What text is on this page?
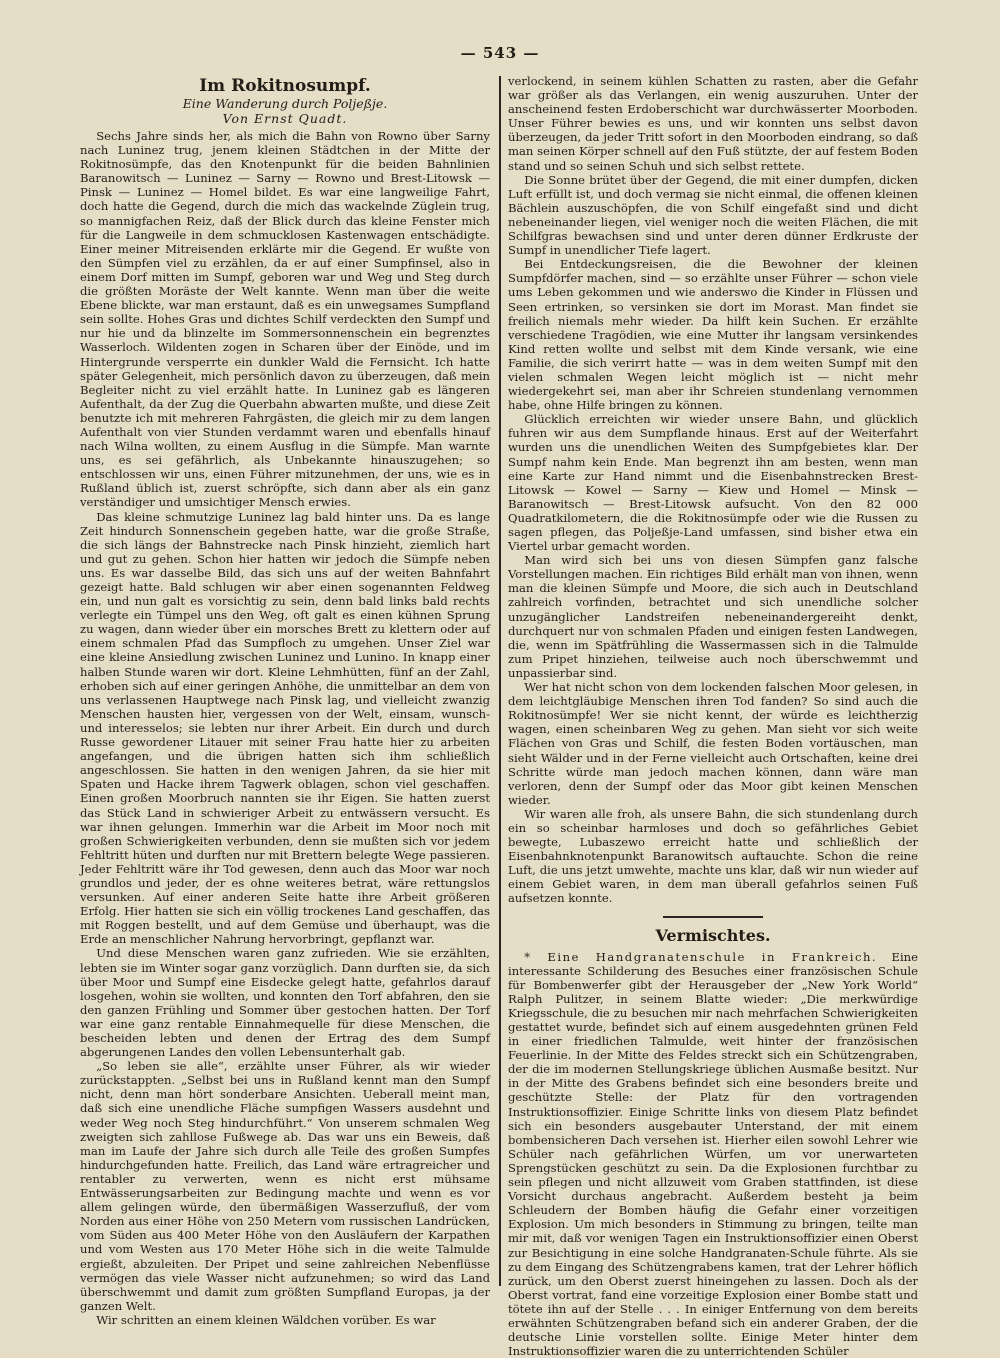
— 543 —
Im Rokitnosumpf.
Eine Wanderung durch Poljeßje.
Von Ernst Quadt.

Sechs Jahre sinds her, als mich die Bahn von Rowno über Sarny nach Luninez trug, jenem kleinen Städtchen in der Mitte der Rokitnosümpfe, das den Knotenpunkt für die beiden Bahnlinien Baranowitsch — Luninez — Sarny — Rowno und Brest-Litowsk — Pinsk — Luninez — Homel bildet. Es war eine langweilige Fahrt, doch hatte die Gegend, durch die mich das wackelnde Züglein trug, so mannigfachen Reiz, daß der Blick durch das kleine Fenster mich für die Langweile in dem schmucklosen Kastenwagen entschädigte. Einer meiner Mitreisenden erklärte mir die Gegend. Er wußte von den Sümpfen viel zu erzählen, da er auf einer Sumpfinsel, also in einem Dorf mitten im Sumpf, geboren war und Weg und Steg durch die größten Moräste der Welt kannte. Wenn man über die weite Ebene blickte, war man erstaunt, daß es ein unwegsames Sumpfland sein sollte. Hohes Gras und dichtes Schilf verdeckten den Sumpf und nur hie und da blinzelte im Sommersonnenschein ein begrenztes Wasserloch. Wildenten zogen in Scharen über der Einöde, und im Hintergrunde versperrte ein dunkler Wald die Fernsicht. Ich hatte später Gelegenheit, mich persönlich davon zu überzeugen, daß mein Begleiter nicht zu viel erzählt hatte. In Luninez gab es längeren Aufenthalt, da der Zug die Querbahn abwarten mußte, und diese Zeit benutzte ich mit mehreren Fahrgästen, die gleich mir zu dem langen Aufenthalt von vier Stunden verdammt waren und ebenfalls hinauf nach Wilna wollten, zu einem Ausflug in die Sümpfe. Man warnte uns, es sei gefährlich, als Unbekannte hinauszugehen; so entschlossen wir uns, einen Führer mitzunehmen, der uns, wie es in Rußland üblich ist, zuerst schröpfte, sich dann aber als ein ganz verständiger und umsichtiger Mensch erwies.

Das kleine schmutzige Luninez lag bald hinter uns. Da es lange Zeit hindurch Sonnenschein gegeben hatte, war die große Straße, die sich längs der Bahnstrecke nach Pinsk hinzieht, ziemlich hart und gut zu gehen. Schon hier hatten wir jedoch die Sümpfe neben uns. Es war dasselbe Bild, das sich uns auf der weiten Bahnfahrt gezeigt hatte. Bald schlugen wir aber einen sogenannten Feldweg ein, und nun galt es vorsichtig zu sein, denn bald links bald rechts verlegte ein Tümpel uns den Weg, oft galt es einen kühnen Sprung zu wagen, dann wieder über ein morsches Brett zu klettern oder auf einem schmalen Pfad das Sumpfloch zu umgehen. Unser Ziel war eine kleine Ansiedlung zwischen Luninez und Lunino. In knapp einer halben Stunde waren wir dort. Kleine Lehmhütten, fünf an der Zahl, erhoben sich auf einer geringen Anhöhe, die unmittelbar an dem von uns verlassenen Hauptwege nach Pinsk lag, und vielleicht zwanzig Menschen hausten hier, vergessen von der Welt, einsam, wunsch- und interesselos; sie lebten nur ihrer Arbeit. Ein durch und durch Russe gewordener Litauer mit seiner Frau hatte hier zu arbeiten angefangen, und die übrigen hatten sich ihm schließlich angeschlossen. Sie hatten in den wenigen Jahren, da sie hier mit Spaten und Hacke ihrem Tagwerk oblagen, schon viel geschaffen. Einen großen Moorbruch nannten sie ihr Eigen. Sie hatten zuerst das Stück Land in schwieriger Arbeit zu entwässern versucht. Es war ihnen gelungen. Immerhin war die Arbeit im Moor noch mit großen Schwierigkeiten verbunden, denn sie mußten sich vor jedem Fehltritt hüten und durften nur mit Brettern belegte Wege passieren. Jeder Fehltritt wäre ihr Tod gewesen, denn auch das Moor war noch grundlos und jeder, der es ohne weiteres betrat, wäre rettungslos versunken. Auf einer anderen Seite hatte ihre Arbeit größeren Erfolg. Hier hatten sie sich ein völlig trockenes Land geschaffen, das mit Roggen bestellt, und auf dem Gemüse und überhaupt, was die Erde an menschlicher Nahrung hervorbringt, gepflanzt war.

Und diese Menschen waren ganz zufrieden. Wie sie erzählten, lebten sie im Winter sogar ganz vorzüglich. Dann durften sie, da sich über Moor und Sumpf eine Eisdecke gelegt hatte, gefahrlos darauf losgehen, wohin sie wollten, und konnten den Torf abfahren, den sie den ganzen Frühling und Sommer über gestochen hatten. Der Torf war eine ganz rentable Einnahmequelle für diese Menschen, die bescheiden lebten und denen der Ertrag des dem Sumpf abgerungenen Landes den vollen Lebensunterhalt gab.

„So leben sie alle“, erzählte unser Führer, als wir wieder zurückstappten. „Selbst bei uns in Rußland kennt man den Sumpf nicht, denn man hört sonderbare Ansichten. Ueberall meint man, daß sich eine unendliche Fläche sumpfigen Wassers ausdehnt und weder Weg noch Steg hindurchführt.“ Von unserem schmalen Weg zweigten sich zahllose Fußwege ab. Das war uns ein Beweis, daß man im Laufe der Jahre sich durch alle Teile des großen Sumpfes hindurchgefunden hatte. Freilich, das Land wäre ertragreicher und rentabler zu verwerten, wenn es nicht erst mühsame Entwässerungsarbeiten zur Bedingung machte und wenn es vor allem gelingen würde, den übermäßigen Wasserzufluß, der vom Norden aus einer Höhe von 250 Metern vom russischen Landrücken, vom Süden aus 400 Meter Höhe von den Ausläufern der Karpathen und vom Westen aus 170 Meter Höhe sich in die weite Talmulde ergießt, abzuleiten. Der Pripet und seine zahlreichen Nebenflüsse vermögen das viele Wasser nicht aufzunehmen; so wird das Land überschwemmt und damit zum größten Sumpfland Europas, ja der ganzen Welt.

Wir schritten an einem kleinen Wäldchen vorüber. Es war

verlockend, in seinem kühlen Schatten zu rasten, aber die Gefahr war größer als das Verlangen, ein wenig auszuruhen. Unter der anscheinend festen Erdoberschicht war durchwässerter Moorboden. Unser Führer bewies es uns, und wir konnten uns selbst davon überzeugen, da jeder Tritt sofort in den Moorboden eindrang, so daß man seinen Körper schnell auf den Fuß stützte, der auf festem Boden stand und so seinen Schuh und sich selbst rettete.

Die Sonne brütet über der Gegend, die mit einer dumpfen, dicken Luft erfüllt ist, und doch vermag sie nicht einmal, die offenen kleinen Bächlein auszuschöpfen, die von Schilf eingefaßt sind und dicht nebeneinander liegen, viel weniger noch die weiten Flächen, die mit Schilfgras bewachsen sind und unter deren dünner Erdkruste der Sumpf in unendlicher Tiefe lagert.

Bei Entdeckungsreisen, die die Bewohner der kleinen Sumpfdörfer machen, sind — so erzählte unser Führer — schon viele ums Leben gekommen und wie anderswo die Kinder in Flüssen und Seen ertrinken, so versinken sie dort im Morast. Man findet sie freilich niemals mehr wieder. Da hilft kein Suchen. Er erzählte verschiedene Tragödien, wie eine Mutter ihr langsam versinkendes Kind retten wollte und selbst mit dem Kinde versank, wie eine Familie, die sich verirrt hatte — was in dem weiten Sumpf mit den vielen schmalen Wegen leicht möglich ist — nicht mehr wiedergekehrt sei, man aber ihr Schreien stundenlang vernommen habe, ohne Hilfe bringen zu können.

Glücklich erreichten wir wieder unsere Bahn, und glücklich fuhren wir aus dem Sumpflande hinaus. Erst auf der Weiterfahrt wurden uns die unendlichen Weiten des Sumpfgebietes klar. Der Sumpf nahm kein Ende. Man begrenzt ihn am besten, wenn man eine Karte zur Hand nimmt und die Eisenbahnstrecken Brest-Litowsk — Kowel — Sarny — Kiew und Homel — Minsk — Baranowitsch — Brest-Litowsk aufsucht. Von den 82 000 Quadratkilometern, die die Rokitnosümpfe oder wie die Russen zu sagen pflegen, das Poljeßje-Land umfassen, sind bisher etwa ein Viertel urbar gemacht worden.

Man wird sich bei uns von diesen Sümpfen ganz falsche Vorstellungen machen. Ein richtiges Bild erhält man von ihnen, wenn man die kleinen Sümpfe und Moore, die sich auch in Deutschland zahlreich vorfinden, betrachtet und sich unendliche solcher unzugänglicher Landstreifen nebeneinandergereiht denkt, durchquert nur von schmalen Pfaden und einigen festen Landwegen, die, wenn im Spätfrühling die Wassermassen sich in die Talmulde zum Pripet hinziehen, teilweise auch noch überschwemmt und unpassierbar sind.

Wer hat nicht schon von dem lockenden falschen Moor gelesen, in dem leichtgläubige Menschen ihren Tod fanden? So sind auch die Rokitnosümpfe! Wer sie nicht kennt, der würde es leichtherzig wagen, einen scheinbaren Weg zu gehen. Man sieht vor sich weite Flächen von Gras und Schilf, die festen Boden vortäuschen, man sieht Wälder und in der Ferne vielleicht auch Ortschaften, keine drei Schritte würde man jedoch machen können, dann wäre man verloren, denn der Sumpf oder das Moor gibt keinen Menschen wieder.

Wir waren alle froh, als unsere Bahn, die sich stundenlang durch ein so scheinbar harmloses und doch so gefährliches Gebiet bewegte, Lubaszewo erreicht hatte und schließlich der Eisenbahnknotenpunkt Baranowitsch auftauchte. Schon die reine Luft, die uns jetzt umwehte, machte uns klar, daß wir nun wieder auf einem Gebiet waren, in dem man überall gefahrlos seinen Fuß aufsetzen konnte.

Vermischtes.

* Eine Handgranatenschule in Frankreich. Eine interessante Schilderung des Besuches einer französischen Schule für Bombenwerfer gibt der Herausgeber der „New York World“ Ralph Pulitzer, in seinem Blatte wieder: „Die merkwürdige Kriegsschule, die zu besuchen mir nach mehrfachen Schwierigkeiten gestattet wurde, befindet sich auf einem ausgedehnten grünen Feld in einer friedlichen Talmulde, weit hinter der französischen Feuerlinie. In der Mitte des Feldes streckt sich ein Schützengraben, der die im modernen Stellungskriege üblichen Ausmaße besitzt. Nur in der Mitte des Grabens befindet sich eine besonders breite und geschützte Stelle: der Platz für den vortragenden Instruktionsoffizier. Einige Schritte links von diesem Platz befindet sich ein besonders ausgebauter Unterstand, der mit einem bombensicheren Dach versehen ist. Hierher eilen sowohl Lehrer wie Schüler nach gefährlichen Würfen, um vor unerwarteten Sprengstücken geschützt zu sein. Da die Explosionen furchtbar zu sein pflegen und nicht allzuweit vom Graben stattfinden, ist diese Vorsicht durchaus angebracht. Außerdem besteht ja beim Schleudern der Bomben häufig die Gefahr einer vorzeitigen Explosion. Um mich besonders in Stimmung zu bringen, teilte man mir mit, daß vor wenigen Tagen ein Instruktionsoffizier einen Oberst zur Besichtigung in eine solche Handgranaten-Schule führte. Als sie zu dem Eingang des Schützengrabens kamen, trat der Lehrer höflich zurück, um den Oberst zuerst hineingehen zu lassen. Doch als der Oberst vortrat, fand eine vorzeitige Explosion einer Bombe statt und tötete ihn auf der Stelle . . . In einiger Entfernung von dem bereits erwähnten Schützengraben befand sich ein anderer Graben, der die deutsche Linie vorstellen sollte. Einige Meter hinter dem Instruktionsoffizier waren die zu unterrichtenden Schüler
